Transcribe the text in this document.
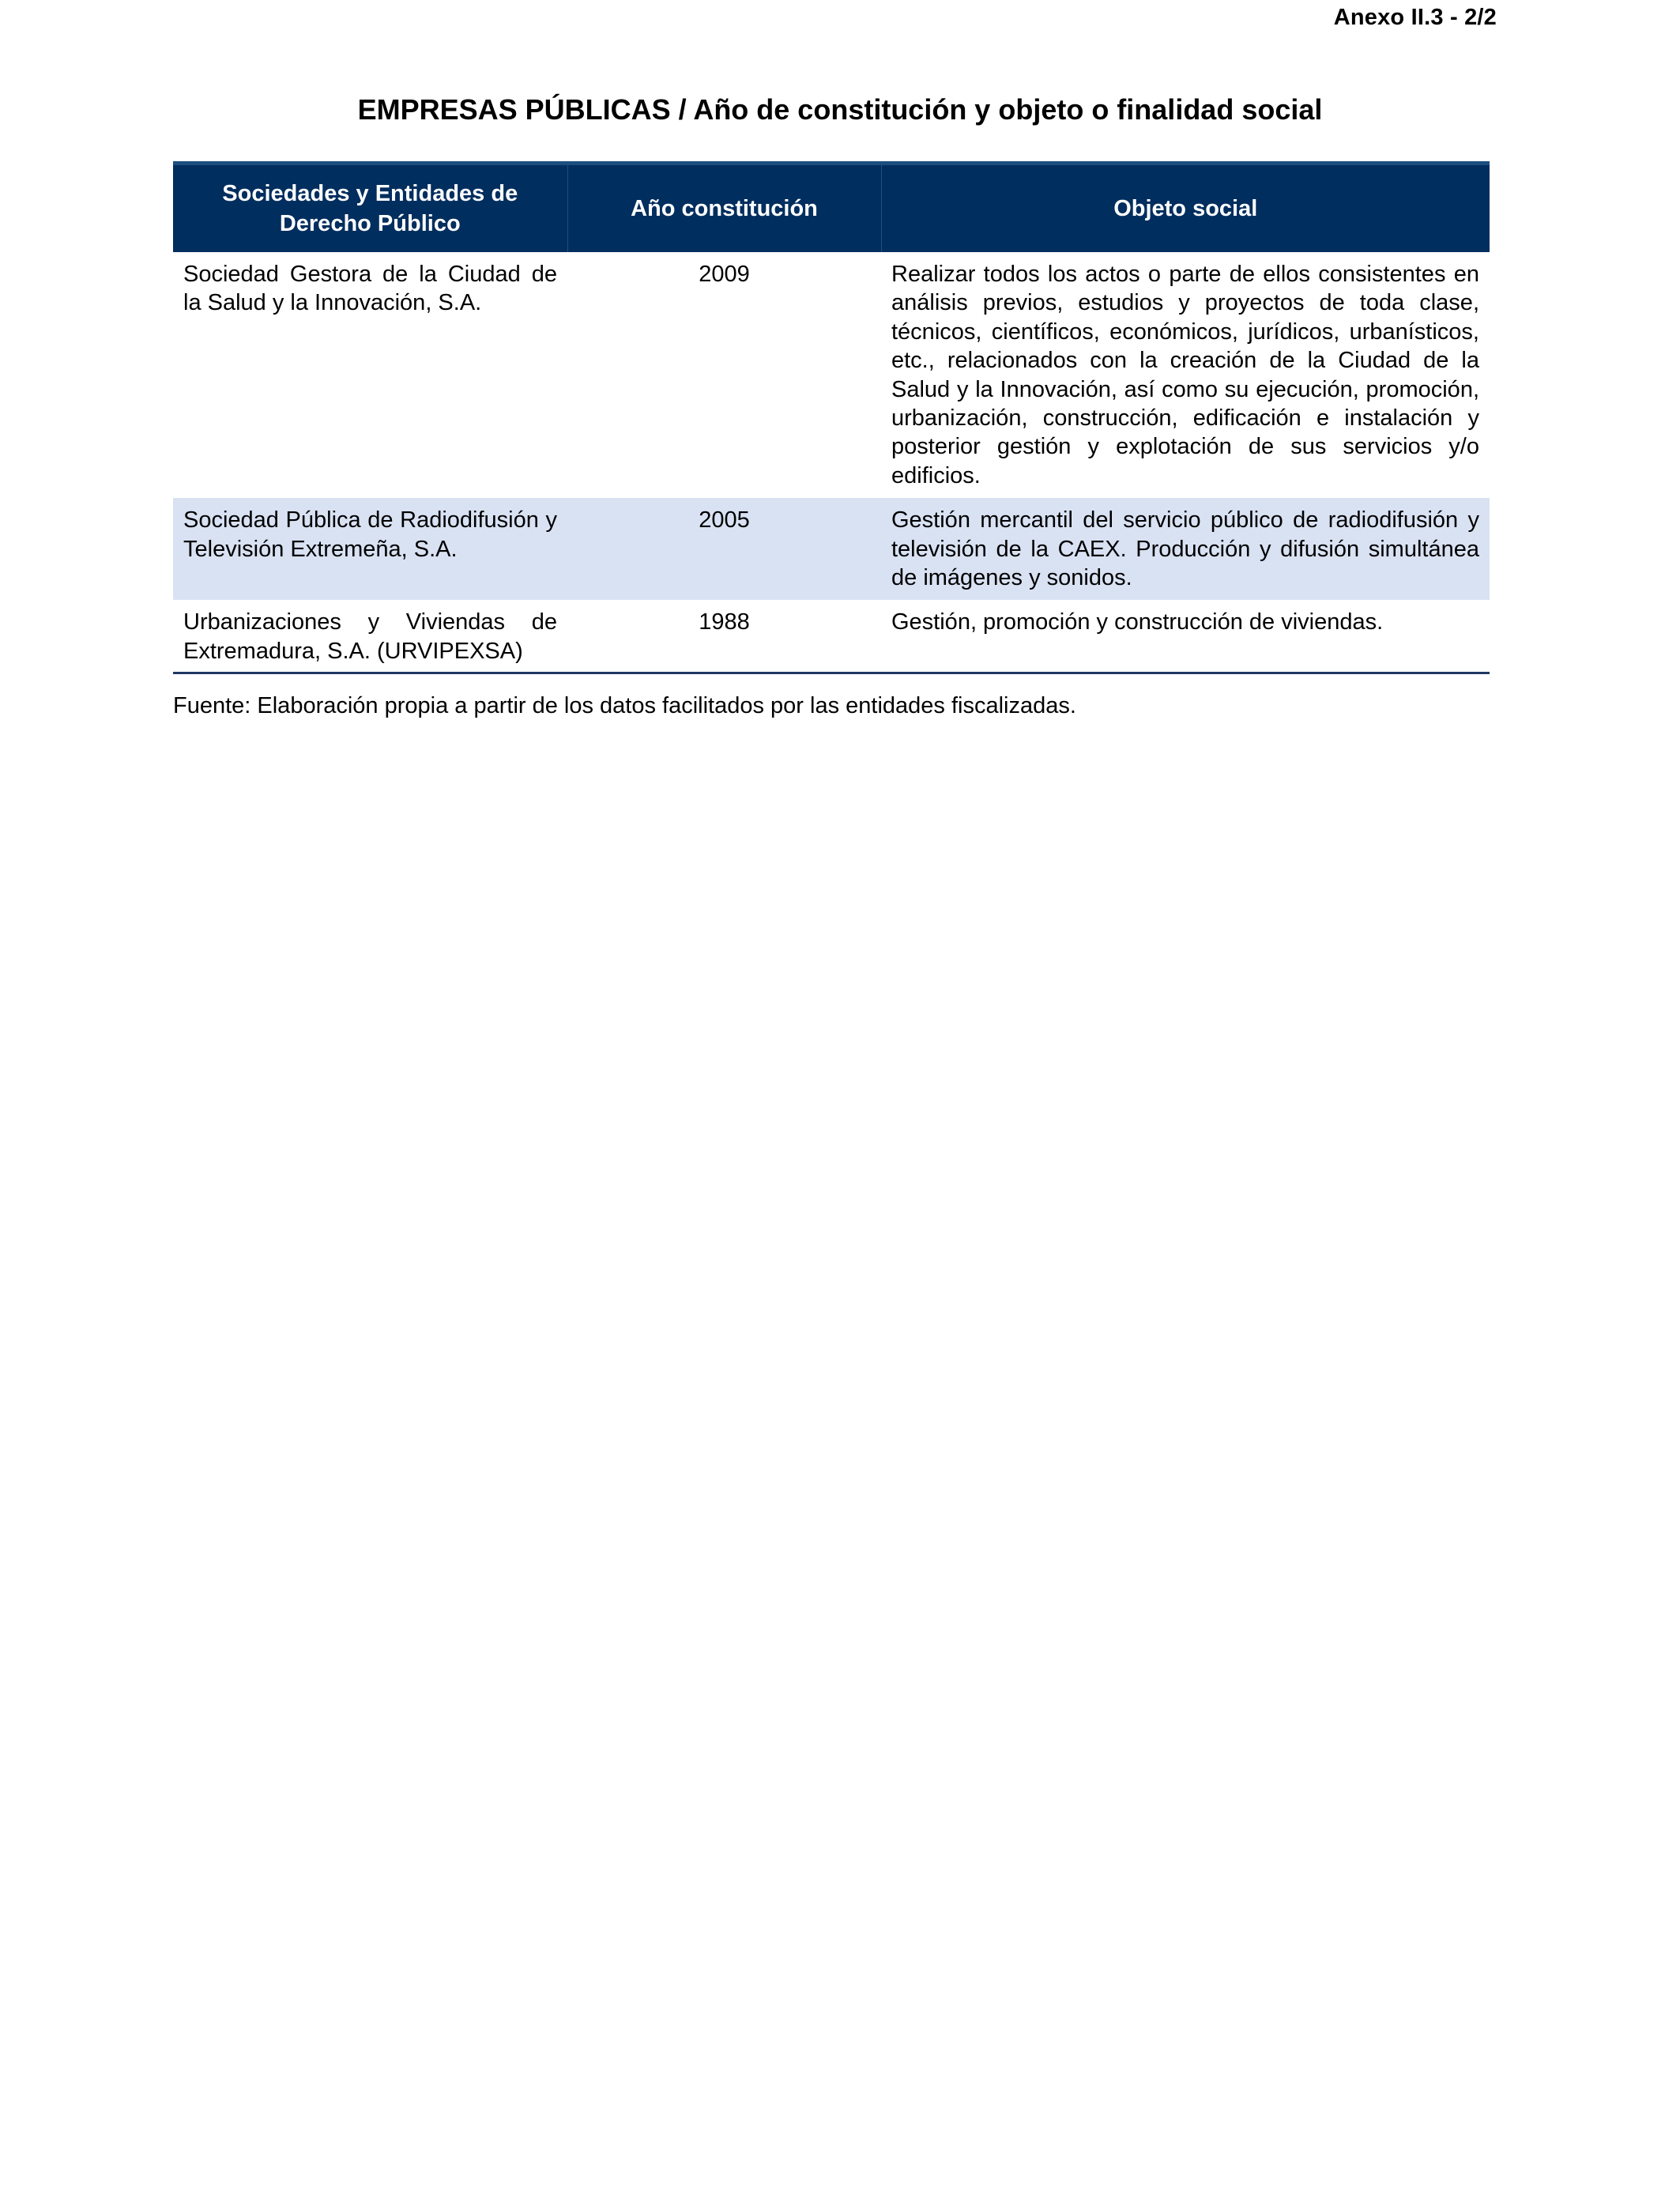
Anexo II.3 - 2/2
EMPRESAS PÚBLICAS / Año de constitución y objeto o finalidad social
Sociedades y Entidades de Derecho Público	Año constitución	Objeto social
Sociedad Gestora de la Ciudad de la Salud y la Innovación, S.A.	2009	Realizar todos los actos o parte de ellos consistentes en análisis previos, estudios y proyectos de toda clase, técnicos, científicos, económicos, jurídicos, urbanísticos, etc., relacionados con la creación de la Ciudad de la Salud y la Innovación, así como su ejecución, promoción, urbanización, construcción, edificación e instalación y posterior gestión y explotación de sus servicios y/o edificios.
Sociedad Pública de Radiodifusión y Televisión Extremeña, S.A.	2005	Gestión mercantil del servicio público de radiodifusión y televisión de la CAEX. Producción y difusión simultánea de imágenes y sonidos.
Urbanizaciones y Viviendas de Extremadura, S.A. (URVIPEXSA)	1988	Gestión, promoción y construcción de viviendas.
Fuente: Elaboración propia a partir de los datos facilitados por las entidades fiscalizadas.
